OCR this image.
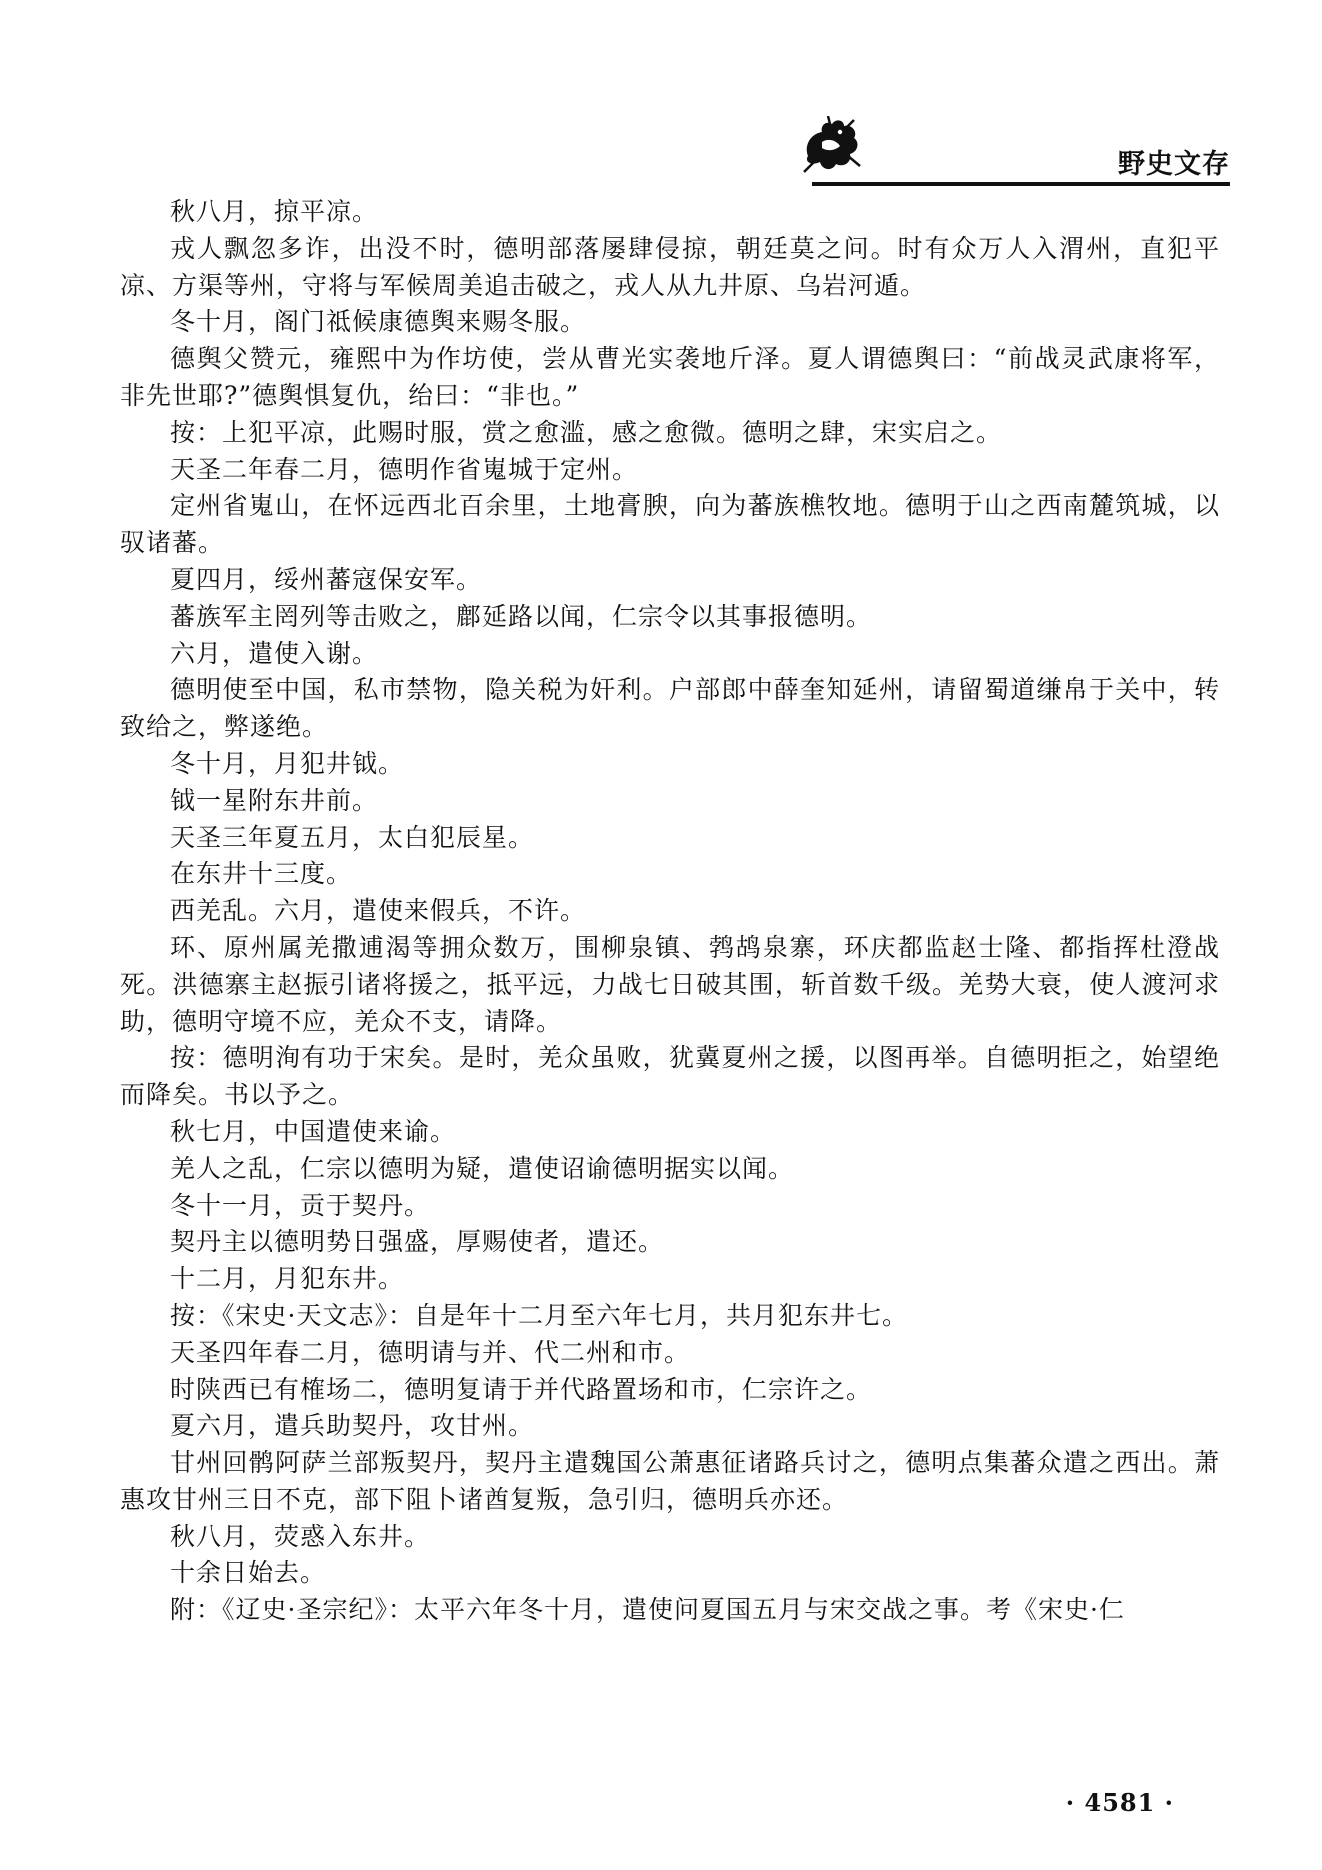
野史文存

秋八月，掠平凉。

戎人飘忽多诈，出没不时，德明部落屡肆侵掠，朝廷莫之问。时有众万人入渭州，直犯平凉、方渠等州，守将与军候周美追击破之，戎人从九井原、乌岩河遁。

冬十月，阁门祗候康德舆来赐冬服。

德舆父赞元，雍熙中为作坊使，尝从曹光实袭地斤泽。夏人谓德舆曰：“前战灵武康将军，非先世耶?”德舆惧复仇，绐曰：“非也。”

按：上犯平凉，此赐时服，赏之愈滥，感之愈微。德明之肆，宋实启之。

天圣二年春二月，德明作省嵬城于定州。

定州省嵬山，在怀远西北百余里，土地膏腴，向为蕃族樵牧地。德明于山之西南麓筑城，以驭诸蕃。

夏四月，绥州蕃寇保安军。

蕃族军主罔列等击败之，鄜延路以闻，仁宗令以其事报德明。

六月，遣使入谢。

德明使至中国，私市禁物，隐关税为奸利。户部郎中薛奎知延州，请留蜀道缣帛于关中，转致给之，弊遂绝。

冬十月，月犯井钺。

钺一星附东井前。

天圣三年夏五月，太白犯辰星。

在东井十三度。

西羌乱。六月，遣使来假兵，不许。

环、原州属羌撒逋渴等拥众数万，围柳泉镇、鹁鸪泉寨，环庆都监赵士隆、都指挥杜澄战死。洪德寨主赵振引诸将援之，抵平远，力战七日破其围，斩首数千级。羌势大衰，使人渡河求助，德明守境不应，羌众不支，请降。

按：德明洵有功于宋矣。是时，羌众虽败，犹冀夏州之援，以图再举。自德明拒之，始望绝而降矣。书以予之。

秋七月，中国遣使来谕。

羌人之乱，仁宗以德明为疑，遣使诏谕德明据实以闻。

冬十一月，贡于契丹。

契丹主以德明势日强盛，厚赐使者，遣还。

十二月，月犯东井。

按：《宋史·天文志》：自是年十二月至六年七月，共月犯东井七。

天圣四年春二月，德明请与并、代二州和市。

时陕西已有榷场二，德明复请于并代路置场和市，仁宗许之。

夏六月，遣兵助契丹，攻甘州。

甘州回鹘阿萨兰部叛契丹，契丹主遣魏国公萧惠征诸路兵讨之，德明点集蕃众遣之西出。萧惠攻甘州三日不克，部下阻卜诸酋复叛，急引归，德明兵亦还。

秋八月，荧惑入东井。

十余日始去。

附：《辽史·圣宗纪》：太平六年冬十月，遣使问夏国五月与宋交战之事。考《宋史·仁

· 4581 ·
